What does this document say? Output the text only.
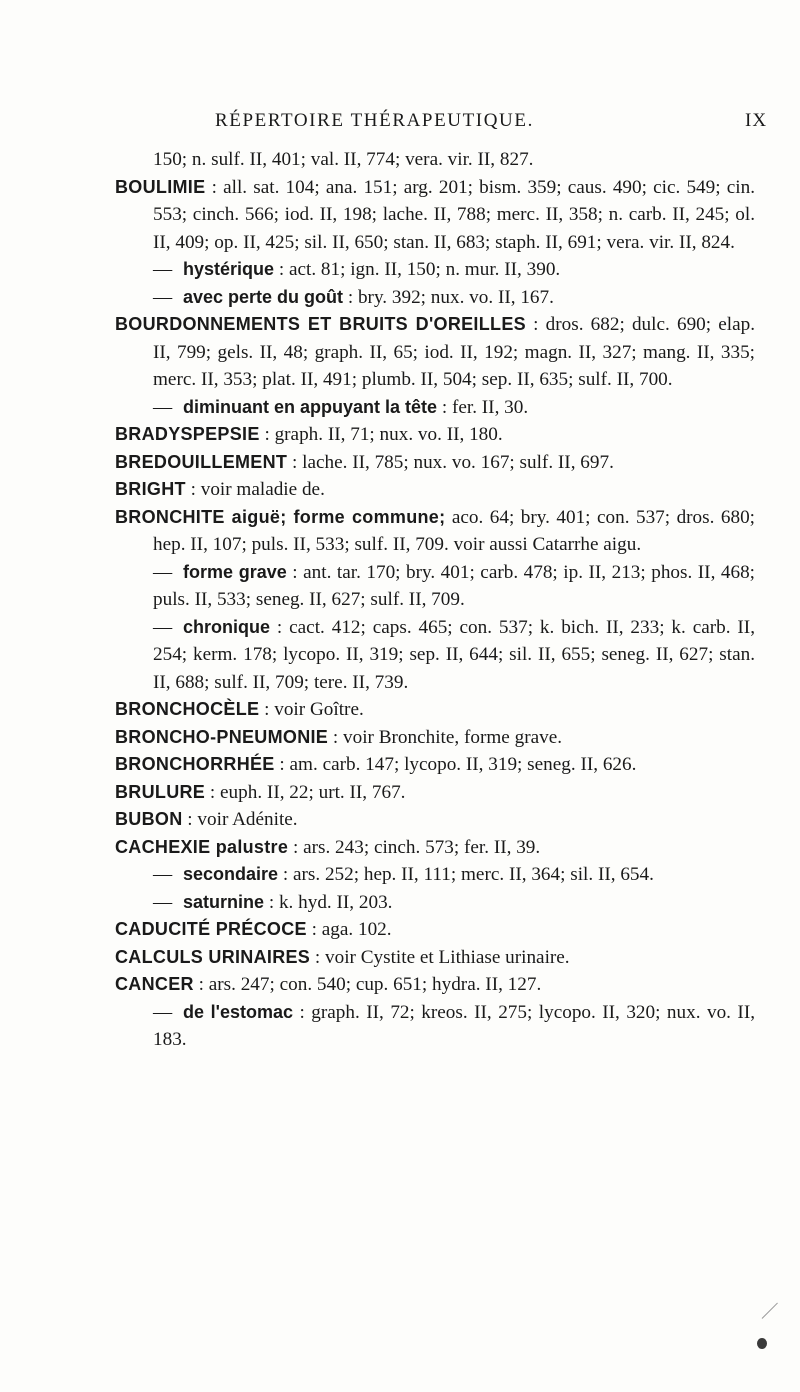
RÉPERTOIRE THÉRAPEUTIQUE.	IX

150; n. sulf. II, 401; val. II, 774; vera. vir. II, 827.

BOULIMIE : all. sat. 104; ana. 151; arg. 201; bism. 359; caus. 490; cic. 549; cin. 553; cinch. 566; iod. II, 198; lache. II, 788; merc. II, 358; n. carb. II, 245; ol. II, 409; op. II, 425; sil. II, 650; stan. II, 683; staph. II, 691; vera. vir. II, 824.

— hystérique : act. 81; ign. II, 150; n. mur. II, 390.

— avec perte du goût : bry. 392; nux. vo. II, 167.

BOURDONNEMENTS ET BRUITS D'OREILLES : dros. 682; dulc. 690; elap. II, 799; gels. II, 48; graph. II, 65; iod. II, 192; magn. II, 327; mang. II, 335; merc. II, 353; plat. II, 491; plumb. II, 504; sep. II, 635; sulf. II, 700.

— diminuant en appuyant la tête : fer. II, 30.

BRADYSPEPSIE : graph. II, 71; nux. vo. II, 180.

BREDOUILLEMENT : lache. II, 785; nux. vo. 167; sulf. II, 697.

BRIGHT : voir maladie de.

BRONCHITE aiguë; forme commune; aco. 64; bry. 401; con. 537; dros. 680; hep. II, 107; puls. II, 533; sulf. II, 709. voir aussi Catarrhe aigu.

— forme grave : ant. tar. 170; bry. 401; carb. 478; ip. II, 213; phos. II, 468; puls. II, 533; seneg. II, 627; sulf. II, 709.

— chronique : cact. 412; caps. 465; con. 537; k. bich. II, 233; k. carb. II, 254; kerm. 178; lycopo. II, 319; sep. II, 644; sil. II, 655; seneg. II, 627; stan. II, 688; sulf. II, 709; tere. II, 739.

BRONCHOCÈLE : voir Goître.

BRONCHO-PNEUMONIE : voir Bronchite, forme grave.

BRONCHORRHÉE : am. carb. 147; lycopo. II, 319; seneg. II, 626.

BRULURE : euph. II, 22; urt. II, 767.

BUBON : voir Adénite.

CACHEXIE palustre : ars. 243; cinch. 573; fer. II, 39.

— secondaire : ars. 252; hep. II, 111; merc. II, 364; sil. II, 654.

— saturnine : k. hyd. II, 203.

CADUCITÉ PRÉCOCE : aga. 102.

CALCULS URINAIRES : voir Cystite et Lithiase urinaire.

CANCER : ars. 247; con. 540; cup. 651; hydra. II, 127.

— de l'estomac : graph. II, 72; kreos. II, 275; lycopo. II, 320; nux. vo. II, 183.
